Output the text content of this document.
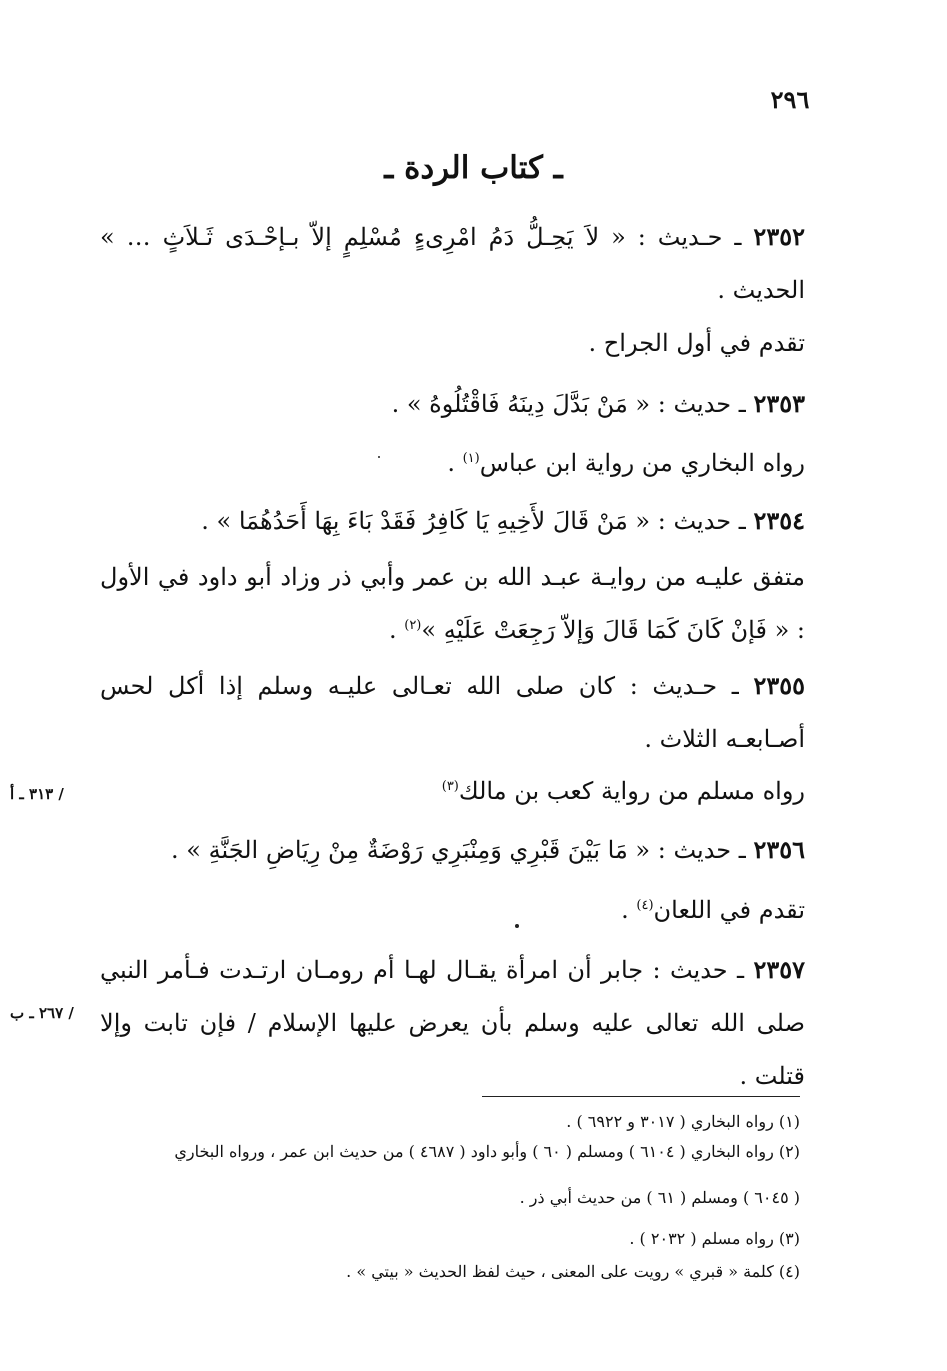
٢٩٦
ـ كتاب الردة ـ
٢٣٥٢ ـ حـديث : « لاَ يَحِـلُّ دَمُ امْرِىءٍ مُسْلِمٍ إلاّ بـإحْـدَى ثَـلاَثٍ … » الحديث .
تقدم في أول الجراح .
٢٣٥٣ ـ حديث : « مَنْ بَدَّلَ دِينَهُ فَاقْتُلُوهُ » .
رواه البخاري من رواية ابن عباس$^{(١)}$ .
٢٣٥٤ ـ حديث : « مَنْ قَالَ لأَخِيهِ يَا كَافِرُ فَقَدْ بَاءَ بِهَا أَحَدُهُمَا » .
متفق عليـه من روايـة عبـد الله بن عمر وأبي ذر وزاد أبو داود في الأول : « فَإنْ كَانَ كَمَا قَالَ وَإلاّ رَجِعَتْ عَلَيْهِ »$^{(٢)}$ .
٢٣٥٥ ـ حـديث : كان صلى الله تعـالى عليـه وسلم إذا أكل لحس أصـابعـه الثلاث .
رواه مسلم من رواية كعب بن مالك$^{(٣)}$
/ ٣١٣ ـ أ
٢٣٥٦ ـ حديث : « مَا بَيْنَ قَبْرِي وَمِنْبَرِي رَوْضَةٌ مِنْ رِيَاضِ الجَنَّةِ » .
تقدم في اللعان$^{(٤)}$ .
٢٣٥٧ ـ حديث : جابر أن امرأة يقـال لهـا أم رومـان ارتـدت فـأمر النبي صلى الله تعالى عليه وسلم بأن يعرض عليها الإسلام / فإن تابت وإلا قتلت .
/ ٢٦٧ ـ ب
(١) رواه البخاري ( ٣٠١٧ و ٦٩٢٢ ) .
(٢) رواه البخاري ( ٦١٠٤ ) ومسلم ( ٦٠ ) وأبو داود ( ٤٦٨٧ ) من حديث ابن عمر ، ورواه البخاري
( ٦٠٤٥ ) ومسلم ( ٦١ ) من حديث أبي ذر .
(٣) رواه مسلم ( ٢٠٣٢ ) .
(٤) كلمة « قبري » رويت على المعنى ، حيث لفظ الحديث « بيتي » .
